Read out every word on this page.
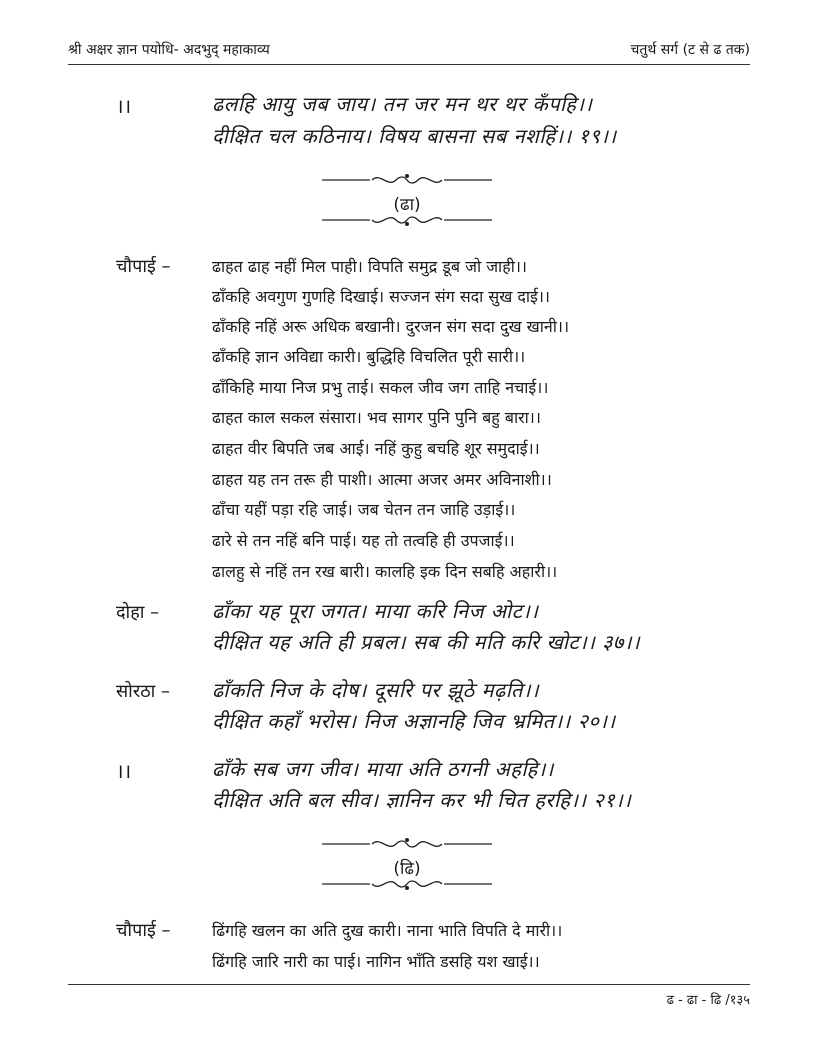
श्री अक्षर ज्ञान पयोधि- अदभुद् महाकाव्य	चतुर्थ सर्ग (ट से ढ तक)
।।	ढलहि आयु जब जाय। तन जर मन थर थर कँपहि।।
दीक्षित चल कठिनाय। विषय बासना सब नशहिं।। १९।।
(ढा)
चौपाई –	ढाहत ढाह नहीं मिल पाही। विपति समुद्र डूब जो जाही।।
ढाँकहि अवगुण गुणहि दिखाई। सज्जन संग सदा सुख दाई।।
ढाँकहि नहिं अरू अधिक बखानी। दुरजन संग सदा दुख खानी।।
ढाँकहि ज्ञान अविद्या कारी। बुद्धिहि विचलित पूरी सारी।।
ढाँकिहि माया निज प्रभु ताई। सकल जीव जग ताहि नचाई।।
ढाहत काल सकल संसारा। भव सागर पुनि पुनि बहु बारा।।
ढाहत वीर बिपति जब आई। नहिं कुहु बचहि शूर समुदाई।।
ढाहत यह तन तरू ही पाशी। आत्मा अजर अमर अविनाशी।।
ढाँचा यहीं पड़ा रहि जाई। जब चेतन तन जाहि उड़ाई।।
ढारे से तन नहिं बनि पाई। यह तो तत्वहि ही उपजाई।।
ढालहु से नहिं तन रख बारी। कालहि इक दिन सबहि अहारी।।
दोहा –	ढाँका यह पूरा जगत। माया करि निज ओट।।
दीक्षित यह अति ही प्रबल। सब की मति करि खोट।। ३७।।
सोरठा – ढाँकति निज के दोष। दूसरि पर झूठे मढ़ति।।
दीक्षित कहाँ भरोस। निज अज्ञानहि जिव भ्रमित।। २०।।
।।	ढाँके सब जग जीव। माया अति ठगनी अहहि।।
दीक्षित अति बल सीव। ज्ञानिन कर भी चित हरहि।। २१।।
(ढि)
चौपाई –	ढिंगहि खलन का अति दुख कारी। नाना भाति विपति दे मारी।।
ढिंगहि जारि नारी का पाई। नागिन भाँति डसहि यश खाई।।
ढ - ढा - ढि /१३५
